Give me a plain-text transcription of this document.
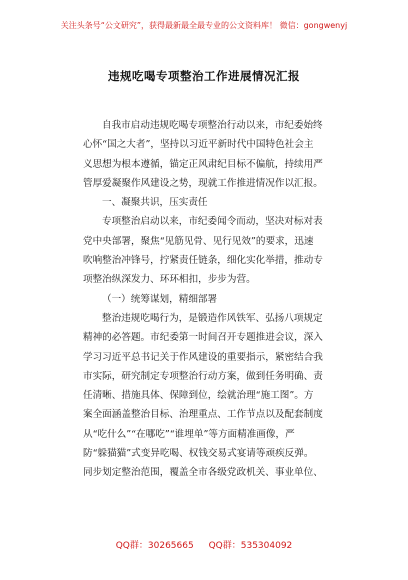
关注头条号“公文研究”，获得最新最全最专业的公文资料库！ 微信：gongwenyj
违规吃喝专项整治工作进展情况汇报
自我市启动违规吃喝专项整治行动以来，市纪委始终
心怀“国之大者”，坚持以习近平新时代中国特色社会主
义思想为根本遵循，锚定正风肃纪目标不偏航，持续用严
管厚爱凝聚作风建设之势，现就工作推进情况作以汇报。
一、凝聚共识，压实责任
专项整治启动以来，市纪委闻令而动，坚决对标对表
党中央部署，聚焦“见筋见骨、见行见效”的要求，迅速
吹响整治冲锋号，拧紧责任链条，细化实化举措，推动专
项整治纵深发力、环环相扣，步步为营。
（一）统筹谋划，精细部署
整治违规吃喝行为，是锻造作风铁军、弘扬八项规定
精神的必答题。市纪委第一时间召开专题推进会议，深入
学习习近平总书记关于作风建设的重要指示，紧密结合我
市实际，研究制定专项整治行动方案，做到任务明确、责
任清晰、措施具体、保障到位，绘就治理“施工图”。方
案全面涵盖整治目标、治理重点、工作节点以及配套制度
从“吃什么”“在哪吃”“谁埋单”等方面精准画像，严
防“躲猫猫”式变异吃喝、权钱交易式宴请等顽疾反弹。
同步划定整治范围，覆盖全市各级党政机关、事业单位、
QQ群：30265665 QQ群：535304092
